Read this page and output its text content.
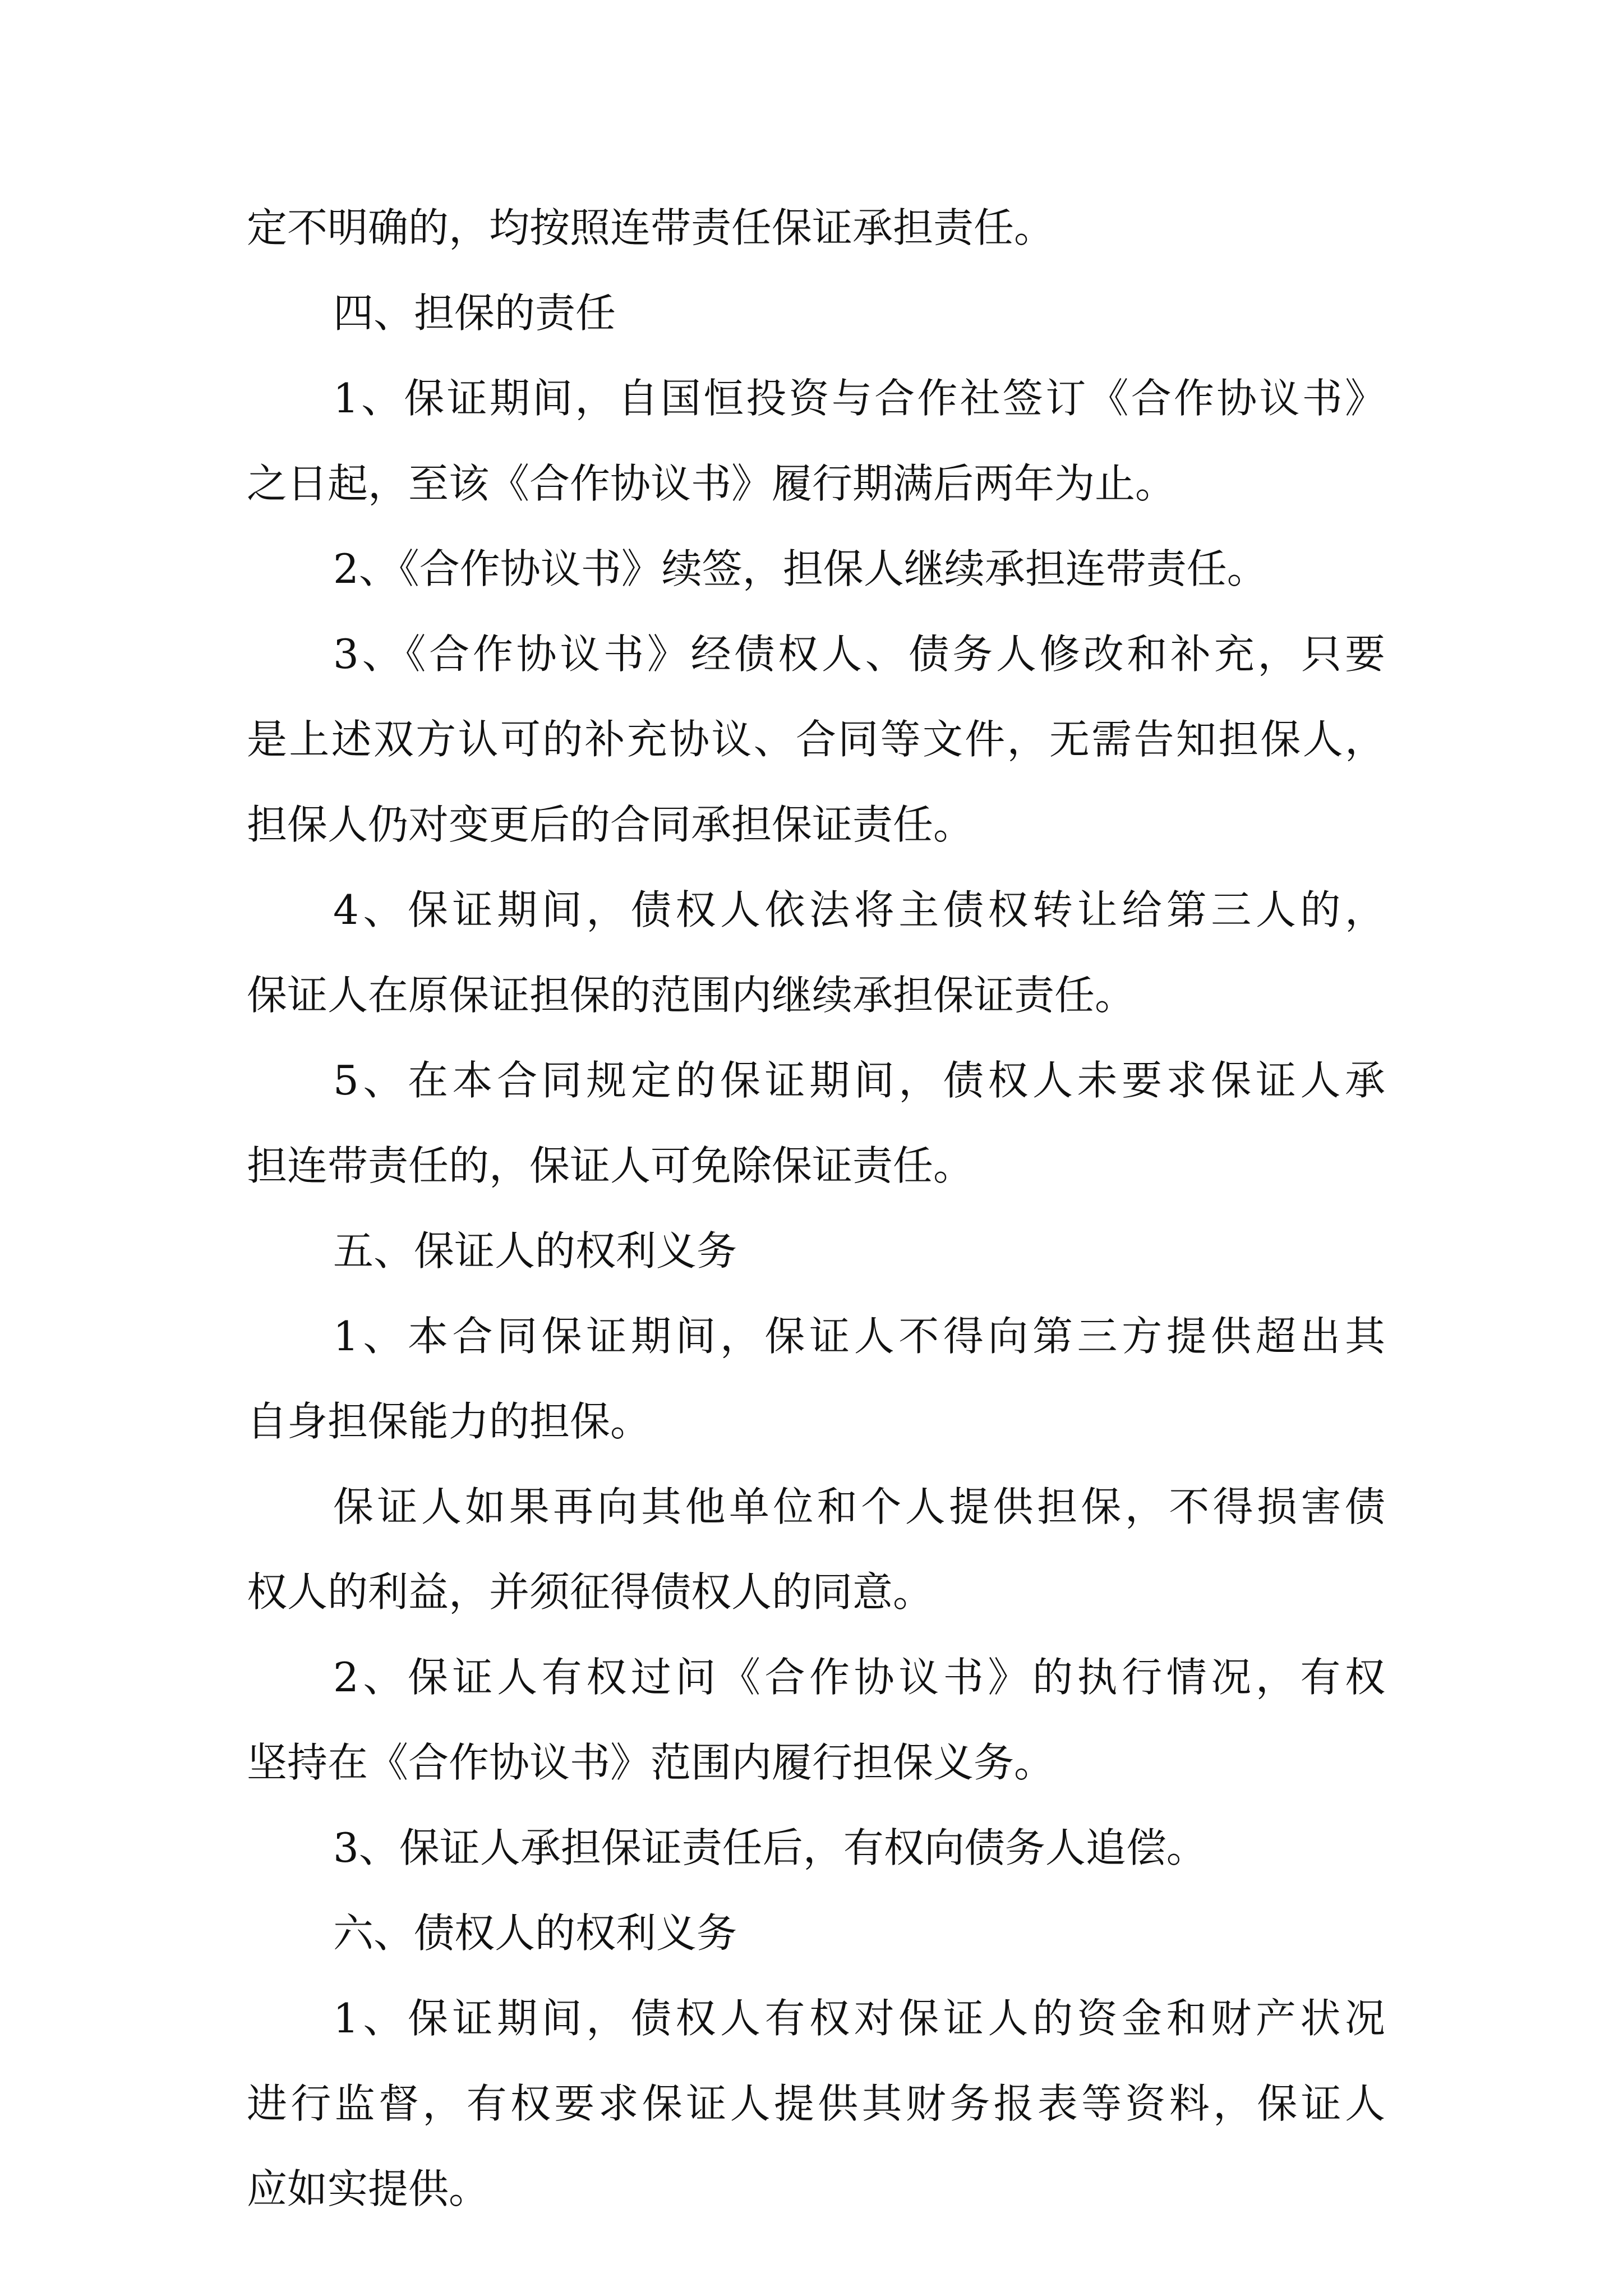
定不明确的，均按照连带责任保证承担责任。
四、担保的责任
1、保证期间，自国恒投资与合作社签订《合作协议书》
之日起，至该《合作协议书》履行期满后两年为止。
2、《合作协议书》续签，担保人继续承担连带责任。
3、《合作协议书》经债权人、债务人修改和补充，只要
是上述双方认可的补充协议、合同等文件，无需告知担保人，
担保人仍对变更后的合同承担保证责任。
4、保证期间，债权人依法将主债权转让给第三人的，
保证人在原保证担保的范围内继续承担保证责任。
5、在本合同规定的保证期间，债权人未要求保证人承
担连带责任的，保证人可免除保证责任。
五、保证人的权利义务
1、本合同保证期间，保证人不得向第三方提供超出其
自身担保能力的担保。
保证人如果再向其他单位和个人提供担保，不得损害债
权人的利益，并须征得债权人的同意。
2、保证人有权过问《合作协议书》的执行情况，有权
坚持在《合作协议书》范围内履行担保义务。
3、保证人承担保证责任后，有权向债务人追偿。
六、债权人的权利义务
1、保证期间，债权人有权对保证人的资金和财产状况
进行监督，有权要求保证人提供其财务报表等资料，保证人
应如实提供。
